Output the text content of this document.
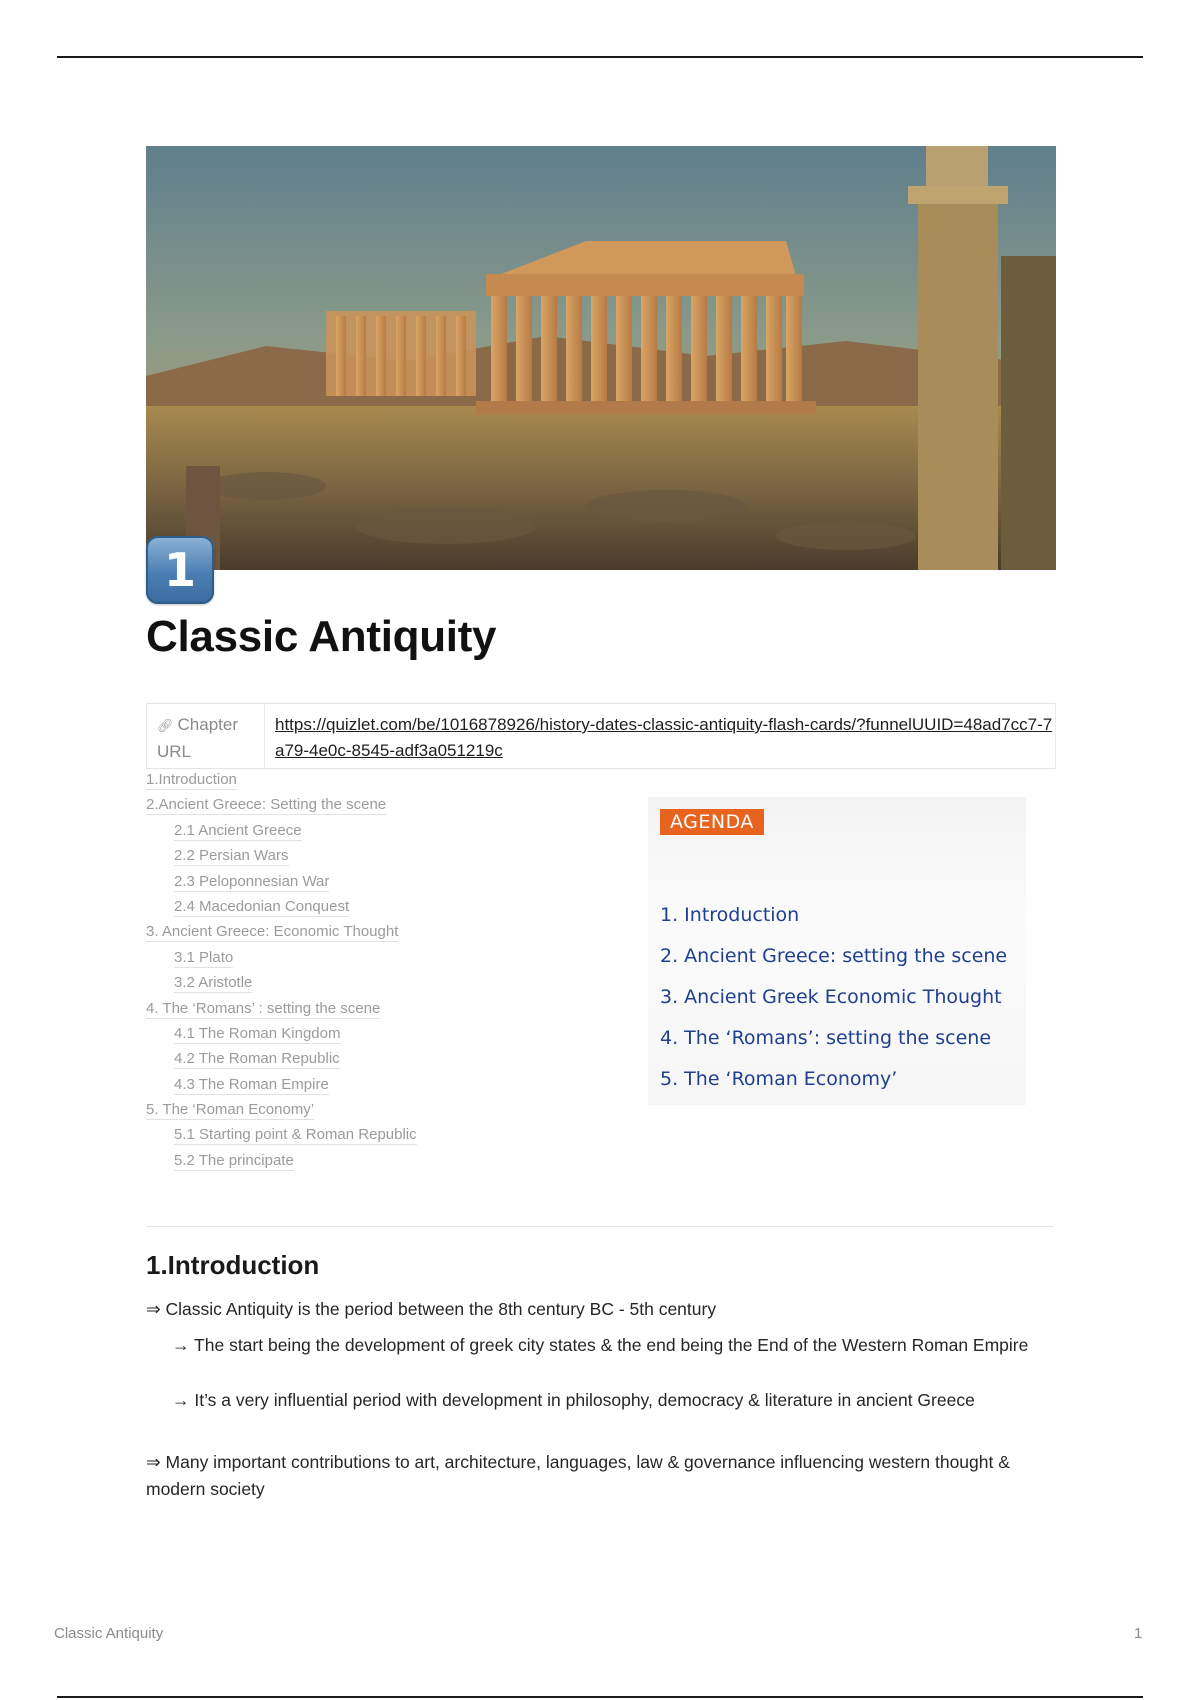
1
Classic Antiquity
🔗︎ Chapter URL
https://quizlet.com/be/1016878926/history-dates-classic-antiquity-flash-cards/?funnelUUID=48ad7cc7-7a79-4e0c-8545-adf3a051219c
1.Introduction
2.Ancient Greece: Setting the scene
2.1 Ancient Greece
2.2 Persian Wars
2.3 Peloponnesian War
2.4 Macedonian Conquest
3. Ancient Greece: Economic Thought
3.1 Plato
3.2 Aristotle
4. The ‘Romans’ : setting the scene
4.1 The Roman Kingdom
4.2 The Roman Republic
4.3 The Roman Empire
5. The ‘Roman Economy’
5.1 Starting point & Roman Republic
5.2 The principate
AGENDA
1. Introduction
2. Ancient Greece: setting the scene
3. Ancient Greek Economic Thought
4. The ‘Romans’: setting the scene
5. The ‘Roman Economy’
1.Introduction

⇒ Classic Antiquity is the period between the 8th century BC - 5th century

→ The start being the development of greek city states & the end being the End of the Western Roman Empire

→ It’s a very influential period with development in philosophy, democracy & literature in ancient Greece

⇒ Many important contributions to art, architecture, languages, law & governance influencing western thought & modern society

Classic Antiquity	1
